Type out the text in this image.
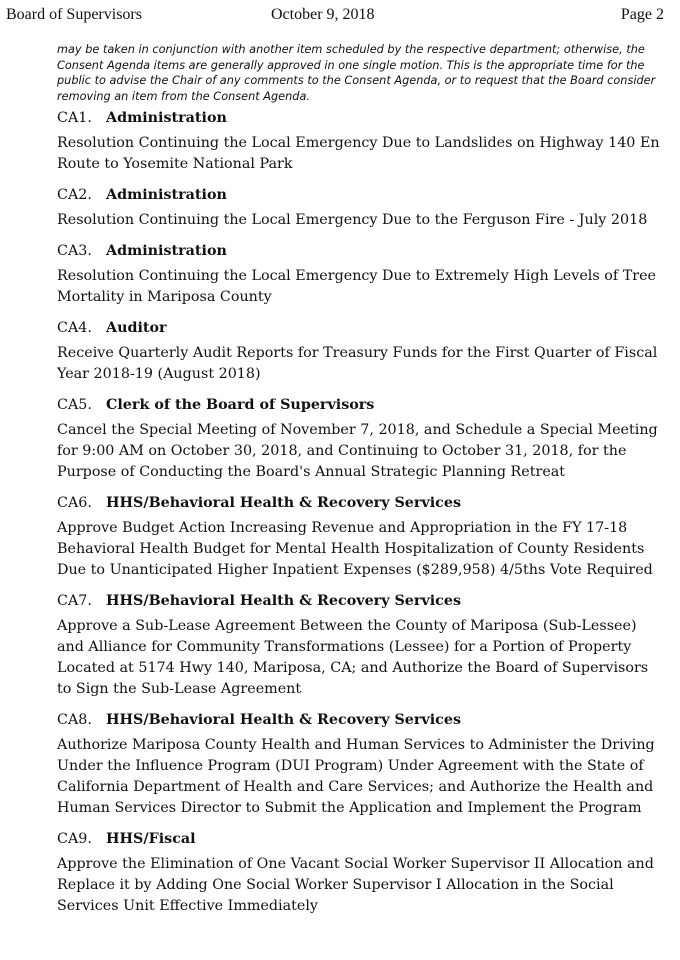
Board of Supervisors	October 9, 2018	Page 2

may be taken in conjunction with another item scheduled by the respective department; otherwise, the Consent Agenda items are generally approved in one single motion. This is the appropriate time for the public to advise the Chair of any comments to the Consent Agenda, or to request that the Board consider removing an item from the Consent Agenda.

CA1. Administration

Resolution Continuing the Local Emergency Due to Landslides on Highway 140 En Route to Yosemite National Park

CA2. Administration

Resolution Continuing the Local Emergency Due to the Ferguson Fire - July 2018

CA3. Administration

Resolution Continuing the Local Emergency Due to Extremely High Levels of Tree Mortality in Mariposa County

CA4. Auditor

Receive Quarterly Audit Reports for Treasury Funds for the First Quarter of Fiscal Year 2018-19 (August 2018)

CA5. Clerk of the Board of Supervisors

Cancel the Special Meeting of November 7, 2018, and Schedule a Special Meeting for 9:00 AM on October 30, 2018, and Continuing to October 31, 2018, for the Purpose of Conducting the Board's Annual Strategic Planning Retreat

CA6. HHS/Behavioral Health & Recovery Services

Approve Budget Action Increasing Revenue and Appropriation in the FY 17-18 Behavioral Health Budget for Mental Health Hospitalization of County Residents Due to Unanticipated Higher Inpatient Expenses ($289,958) 4/5ths Vote Required

CA7. HHS/Behavioral Health & Recovery Services

Approve a Sub-Lease Agreement Between the County of Mariposa (Sub-Lessee) and Alliance for Community Transformations (Lessee) for a Portion of Property Located at 5174 Hwy 140, Mariposa, CA; and Authorize the Board of Supervisors to Sign the Sub-Lease Agreement

CA8. HHS/Behavioral Health & Recovery Services

Authorize Mariposa County Health and Human Services to Administer the Driving Under the Influence Program (DUI Program) Under Agreement with the State of California Department of Health and Care Services; and Authorize the Health and Human Services Director to Submit the Application and Implement the Program

CA9. HHS/Fiscal

Approve the Elimination of One Vacant Social Worker Supervisor II Allocation and Replace it by Adding One Social Worker Supervisor I Allocation in the Social Services Unit Effective Immediately
